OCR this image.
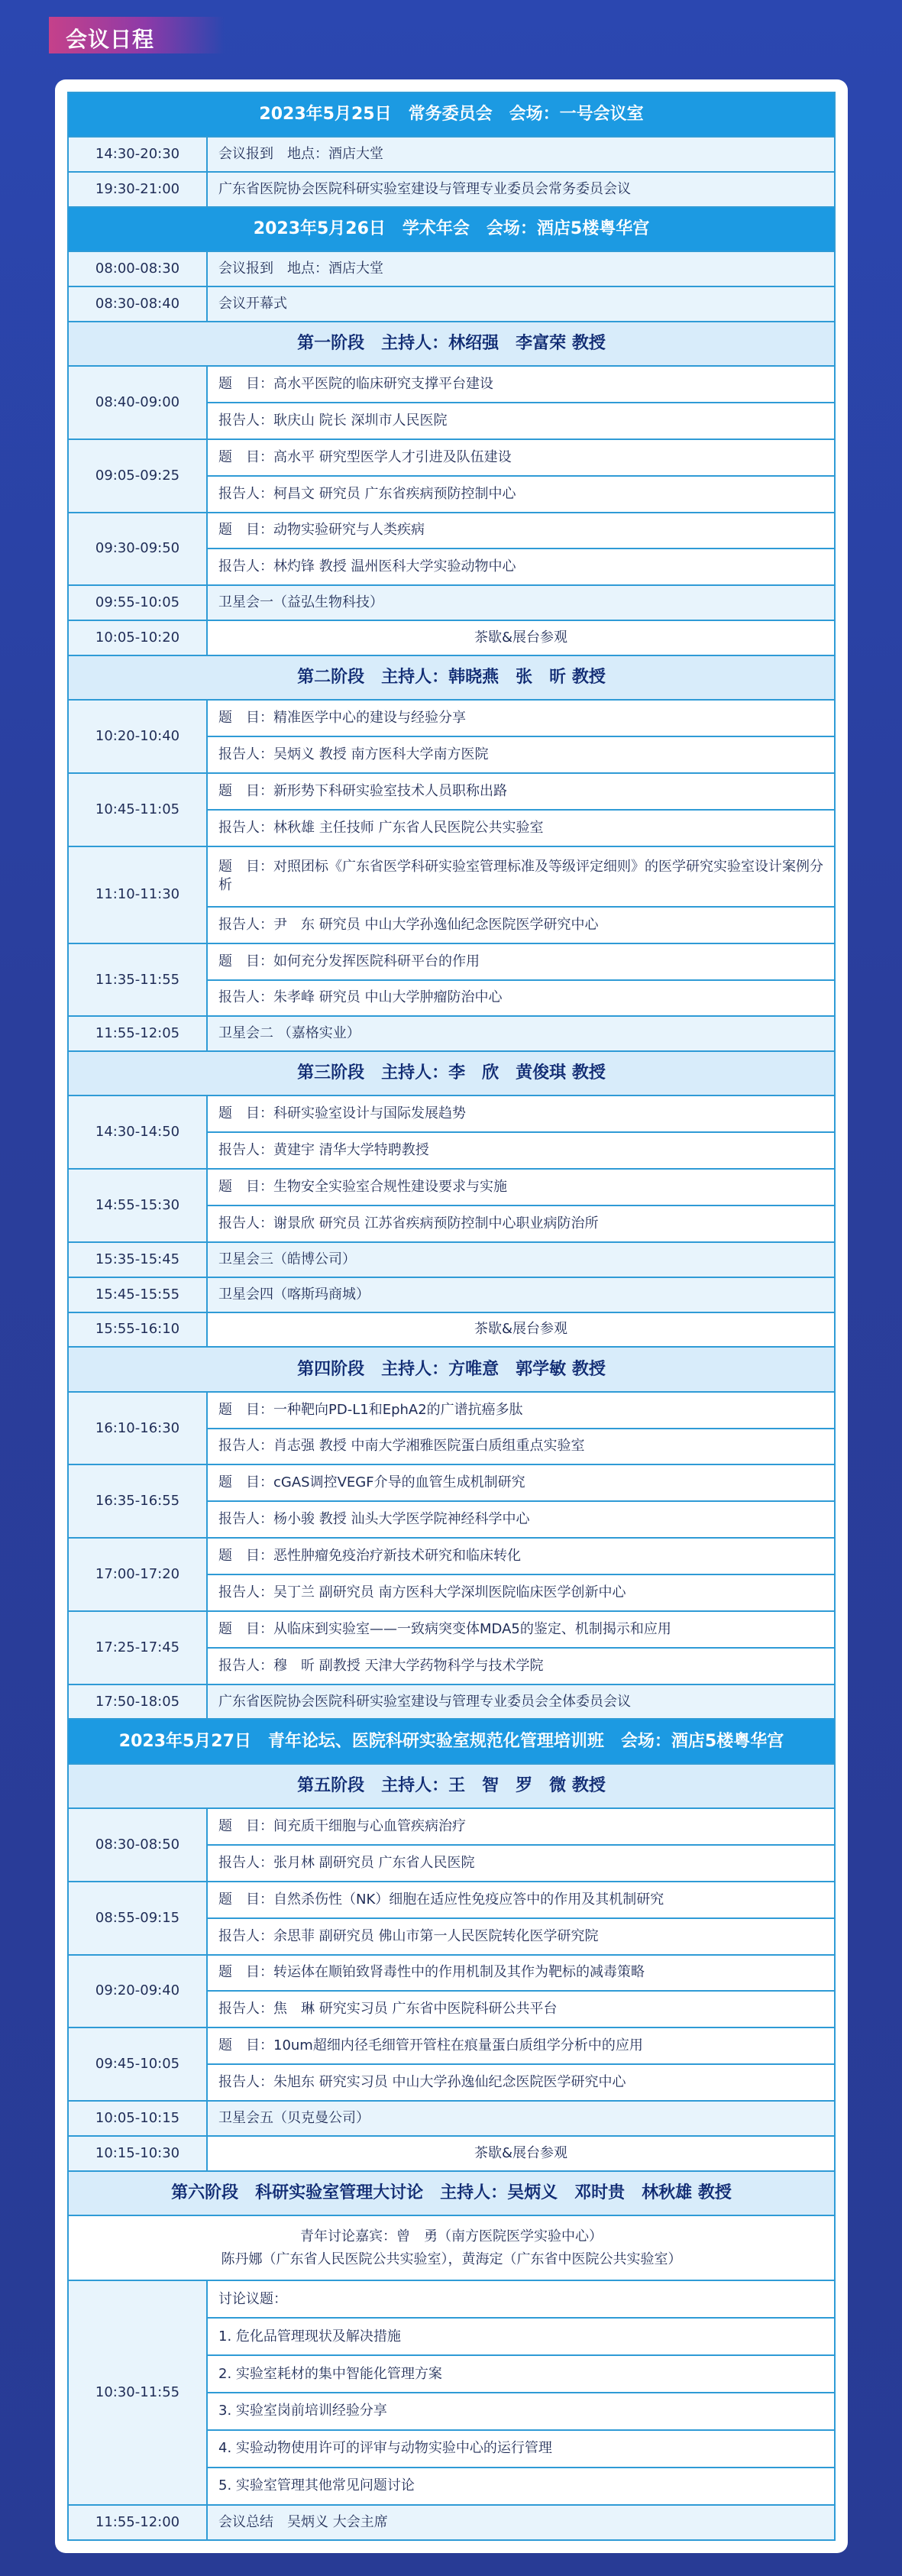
会议日程
2023年5月25日　常务委员会　会场：一号会议室	
14:30-20:30	会议报到　地点：酒店大堂
19:30-21:00	广东省医院协会医院科研实验室建设与管理专业委员会常务委员会议
2023年5月26日　学术年会　会场：酒店5楼粤华宫	
08:00-08:30	会议报到　地点：酒店大堂
08:30-08:40	会议开幕式
第一阶段　主持人：林绍强　李富荣 教授	
08:40-09:00	题　目：高水平医院的临床研究支撑平台建设
	报告人：耿庆山 院长 深圳市人民医院
09:05-09:25	题　目：高水平 研究型医学人才引进及队伍建设
	报告人：柯昌文 研究员 广东省疾病预防控制中心
09:30-09:50	题　目：动物实验研究与人类疾病
	报告人：林灼锋 教授 温州医科大学实验动物中心
09:55-10:05	卫星会一（益弘生物科技）
10:05-10:20	茶歇&展台参观
第二阶段　主持人：韩晓燕　张　昕 教授	
10:20-10:40	题　目：精准医学中心的建设与经验分享
	报告人：吴炳义 教授 南方医科大学南方医院
10:45-11:05	题　目：新形势下科研实验室技术人员职称出路
	报告人：林秋雄 主任技师 广东省人民医院公共实验室
11:10-11:30	题　目：对照团标《广东省医学科研实验室管理标准及等级评定细则》的医学研究实验室设计案例分析
	报告人：尹　东 研究员 中山大学孙逸仙纪念医院医学研究中心
11:35-11:55	题　目：如何充分发挥医院科研平台的作用
	报告人：朱孝峰 研究员 中山大学肿瘤防治中心
11:55-12:05	卫星会二 （嘉格实业）
第三阶段　主持人：李　欣　黄俊琪 教授	
14:30-14:50	题　目：科研实验室设计与国际发展趋势
	报告人：黄建宇 清华大学特聘教授
14:55-15:30	题　目：生物安全实验室合规性建设要求与实施
	报告人：谢景欣 研究员 江苏省疾病预防控制中心职业病防治所
15:35-15:45	卫星会三（皓博公司）
15:45-15:55	卫星会四（喀斯玛商城）
15:55-16:10	茶歇&展台参观
第四阶段　主持人：方唯意　郭学敏 教授	
16:10-16:30	题　目：一种靶向PD-L1和EphA2的广谱抗癌多肽
	报告人：肖志强 教授 中南大学湘雅医院蛋白质组重点实验室
16:35-16:55	题　目：cGAS调控VEGF介导的血管生成机制研究
	报告人：杨小骏 教授 汕头大学医学院神经科学中心
17:00-17:20	题　目：恶性肿瘤免疫治疗新技术研究和临床转化
	报告人：吴丁兰 副研究员 南方医科大学深圳医院临床医学创新中心
17:25-17:45	题　目：从临床到实验室——一致病突变体MDA5的鉴定、机制揭示和应用
	报告人：穆　昕 副教授 天津大学药物科学与技术学院
17:50-18:05	广东省医院协会医院科研实验室建设与管理专业委员会全体委员会议
2023年5月27日　青年论坛、医院科研实验室规范化管理培训班　会场：酒店5楼粤华宫	
第五阶段　主持人：王　智　罗　微 教授	
08:30-08:50	题　目：间充质干细胞与心血管疾病治疗
	报告人：张月林 副研究员 广东省人民医院
08:55-09:15	题　目：自然杀伤性（NK）细胞在适应性免疫应答中的作用及其机制研究
	报告人：余思菲 副研究员 佛山市第一人民医院转化医学研究院
09:20-09:40	题　目：转运体在顺铂致肾毒性中的作用机制及其作为靶标的减毒策略
	报告人：焦　琳 研究实习员 广东省中医院科研公共平台
09:45-10:05	题　目：10um超细内径毛细管开管柱在痕量蛋白质组学分析中的应用
	报告人：朱旭东 研究实习员 中山大学孙逸仙纪念医院医学研究中心
10:05-10:15	卫星会五（贝克曼公司）
10:15-10:30	茶歇&展台参观
第六阶段　科研实验室管理大讨论　主持人：吴炳义　邓时贵　林秋雄 教授	

青年讨论嘉宾：曾　勇（南方医院医学实验中心）
陈丹娜（广东省人民医院公共实验室），黄海定（广东省中医院公共实验室）	

10:30-11:55	讨论议题：
	1. 危化品管理现状及解决措施
	2. 实验室耗材的集中智能化管理方案
	3. 实验室岗前培训经验分享
	4. 实验动物使用许可的评审与动物实验中心的运行管理
	5. 实验室管理其他常见问题讨论
11:55-12:00	会议总结　吴炳义 大会主席
